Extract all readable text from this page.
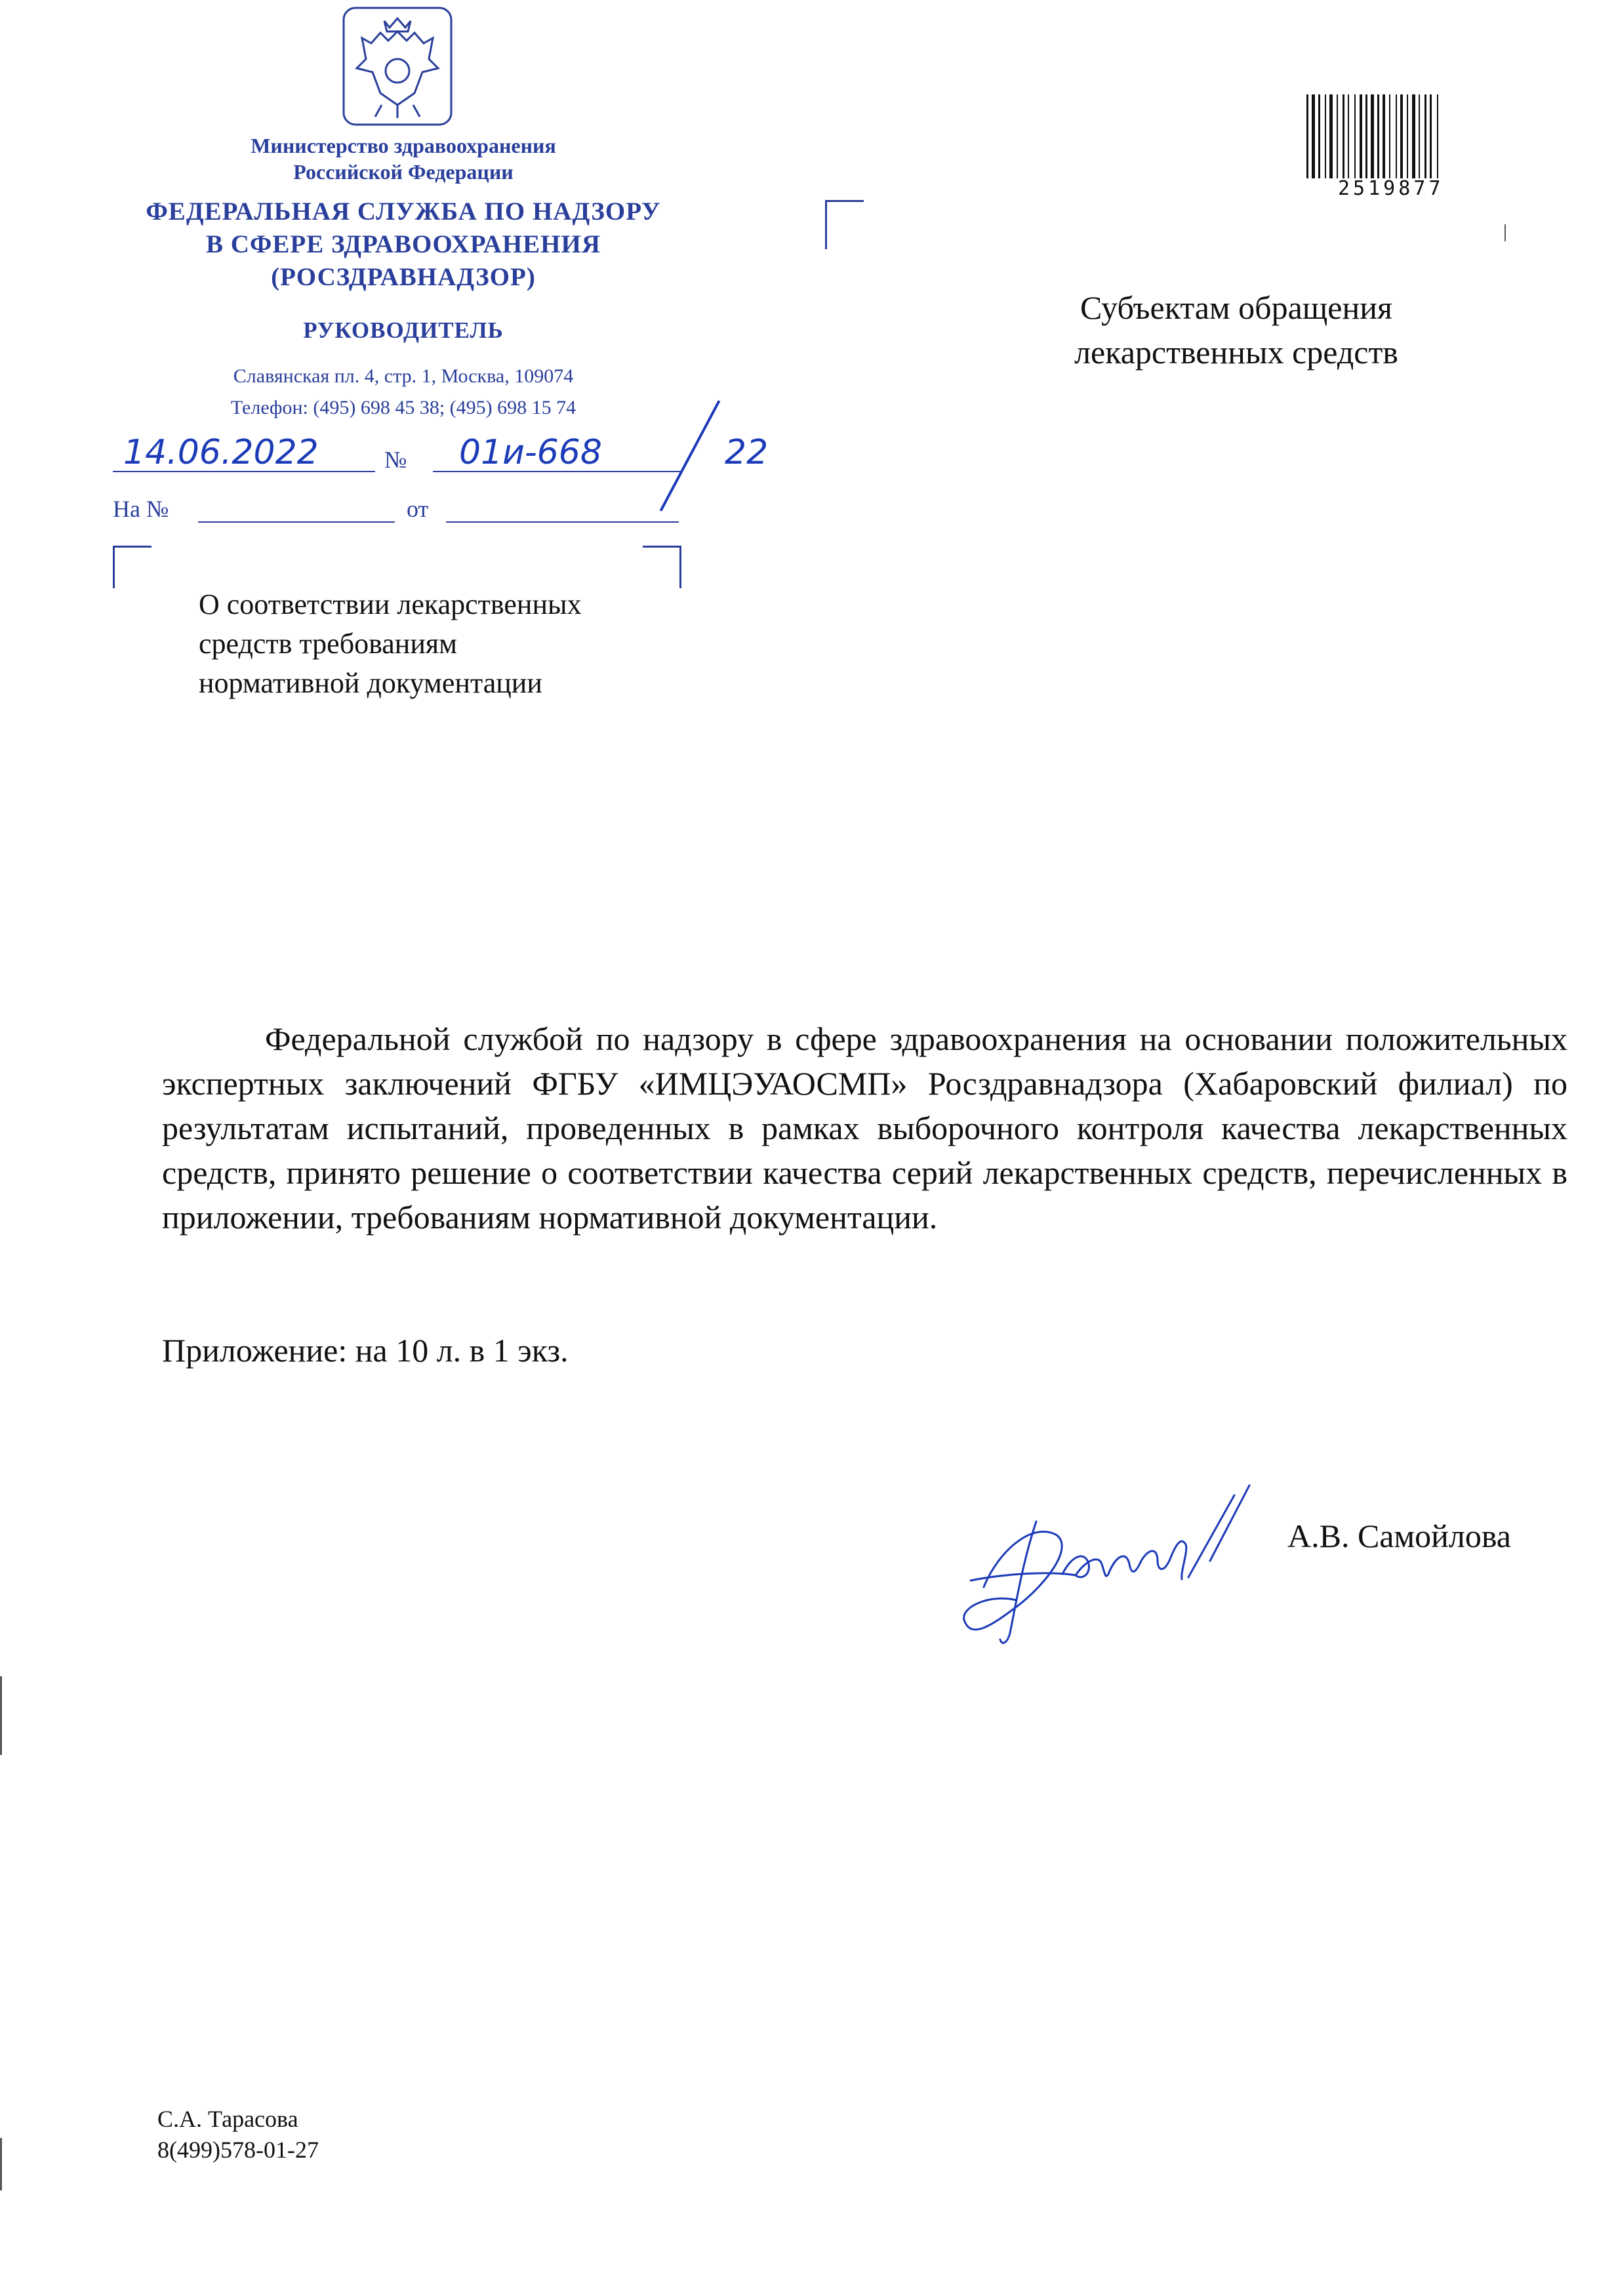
Министерство здравоохранения
Российской Федерации
ФЕДЕРАЛЬНАЯ СЛУЖБА ПО НАДЗОРУ
В СФЕРЕ ЗДРАВООХРАНЕНИЯ
(РОСЗДРАВНАДЗОР)
РУКОВОДИТЕЛЬ
Славянская пл. 4, стр. 1, Москва, 109074
Телефон: (495) 698 45 38; (495) 698 15 74
14.06.2022	№ 01и-668	22
На №	от
2519877
Субъектам обращения
лекарственных средств
О соответствии лекарственных
средств требованиям
нормативной документации

Федеральной службой по надзору в сфере здравоохранения на основании положительных экспертных заключений ФГБУ «ИМЦЭУАОСМП» Росздравнадзора (Хабаровский филиал) по результатам испытаний, проведенных в рамках выборочного контроля качества лекарственных средств, принято решение о соответствии качества серий лекарственных средств, перечисленных в приложении, требованиям нормативной документации.

Приложение: на 10 л. в 1 экз.
А.В. Самойлова
С.А. Тарасова
8(499)578-01-27
